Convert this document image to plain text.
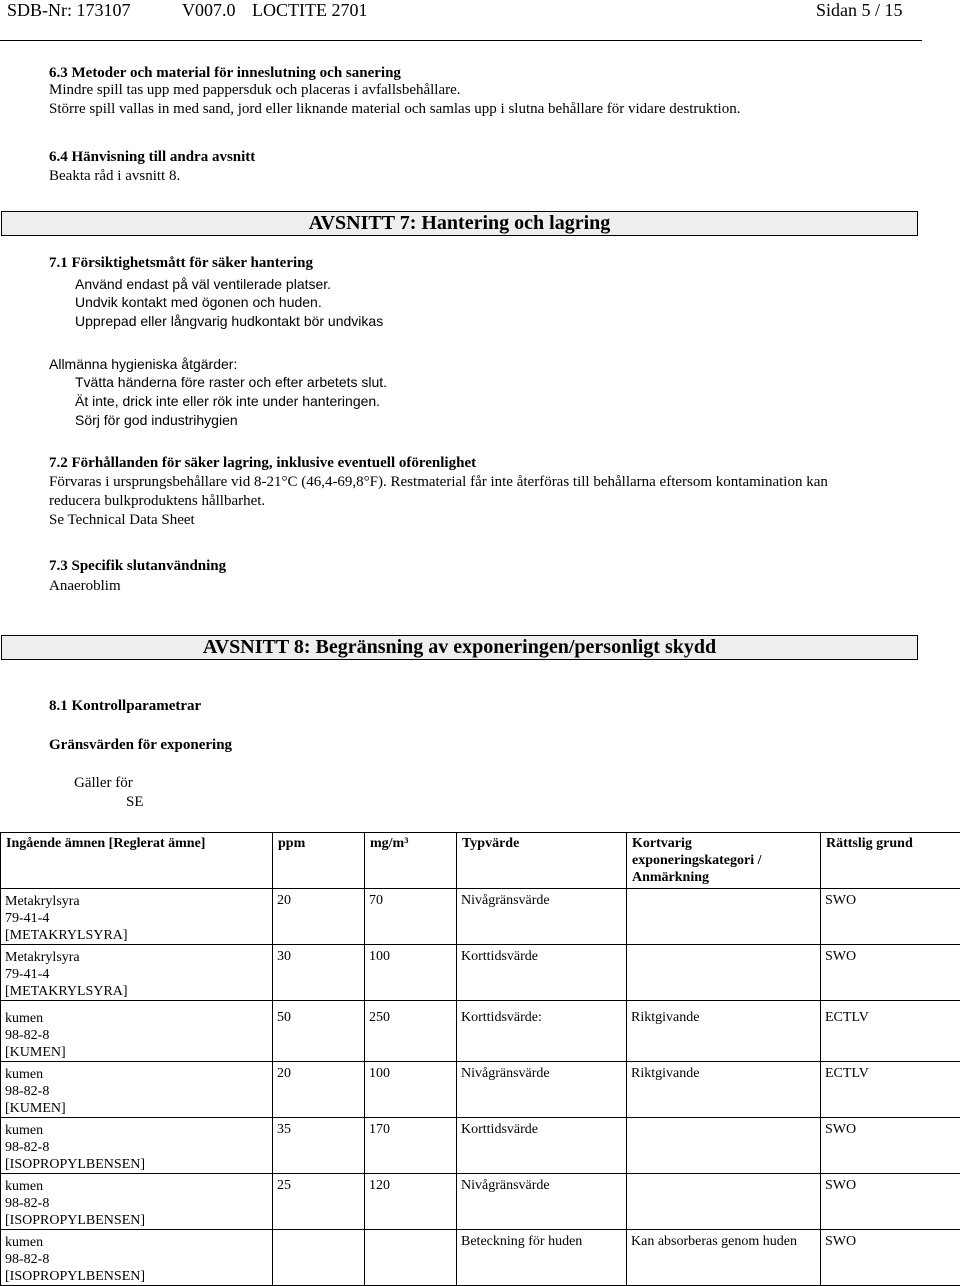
SDB-Nr: 173107	V007.0 LOCTITE 2701	Sidan 5 / 15
6.3 Metoder och material för inneslutning och sanering
Mindre spill tas upp med pappersduk och placeras i avfallsbehållare.
Större spill vallas in med sand, jord eller liknande material och samlas upp i slutna behållare för vidare destruktion.
6.4 Hänvisning till andra avsnitt
Beakta råd i avsnitt 8.
AVSNITT 7: Hantering och lagring
7.1 Försiktighetsmått för säker hantering
Använd endast på väl ventilerade platser.
Undvik kontakt med ögonen och huden.
Upprepad eller långvarig hudkontakt bör undvikas
Allmänna hygieniska åtgärder:
Tvätta händerna före raster och efter arbetets slut.
Ät inte, drick inte eller rök inte under hanteringen.
Sörj för god industrihygien
7.2 Förhållanden för säker lagring, inklusive eventuell oförenlighet
Förvaras i ursprungsbehållare vid 8-21°C (46,4-69,8°F). Restmaterial får inte återföras till behållarna eftersom kontamination kan
reducera bulkproduktens hållbarhet.
Se Technical Data Sheet
7.3 Specifik slutanvändning
Anaeroblim
AVSNITT 8: Begränsning av exponeringen/personligt skydd
8.1 Kontrollparametrar
Gränsvärden för exponering
Gäller för
SE
Ingående ämnen [Reglerat ämne]	ppm	mg/m³	Typvärde	Kortvarig
exponeringskategori /
Anmärkning	Rättslig grund

Metakrylsyra
79-41-4
[METAKRYLSYRA]	20	70	Nivågränsvärde		SWO

Metakrylsyra
79-41-4
[METAKRYLSYRA]	30	100	Korttidsvärde		SWO

kumen
98-82-8
[KUMEN]	50	250	Korttidsvärde:	Riktgivande	ECTLV

kumen
98-82-8
[KUMEN]	20	100	Nivågränsvärde	Riktgivande	ECTLV

kumen
98-82-8
[ISOPROPYLBENSEN]	35	170	Korttidsvärde		SWO

kumen
98-82-8
[ISOPROPYLBENSEN]	25	120	Nivågränsvärde		SWO

kumen
98-82-8
[ISOPROPYLBENSEN]			Beteckning för huden	Kan absorberas genom huden	SWO
